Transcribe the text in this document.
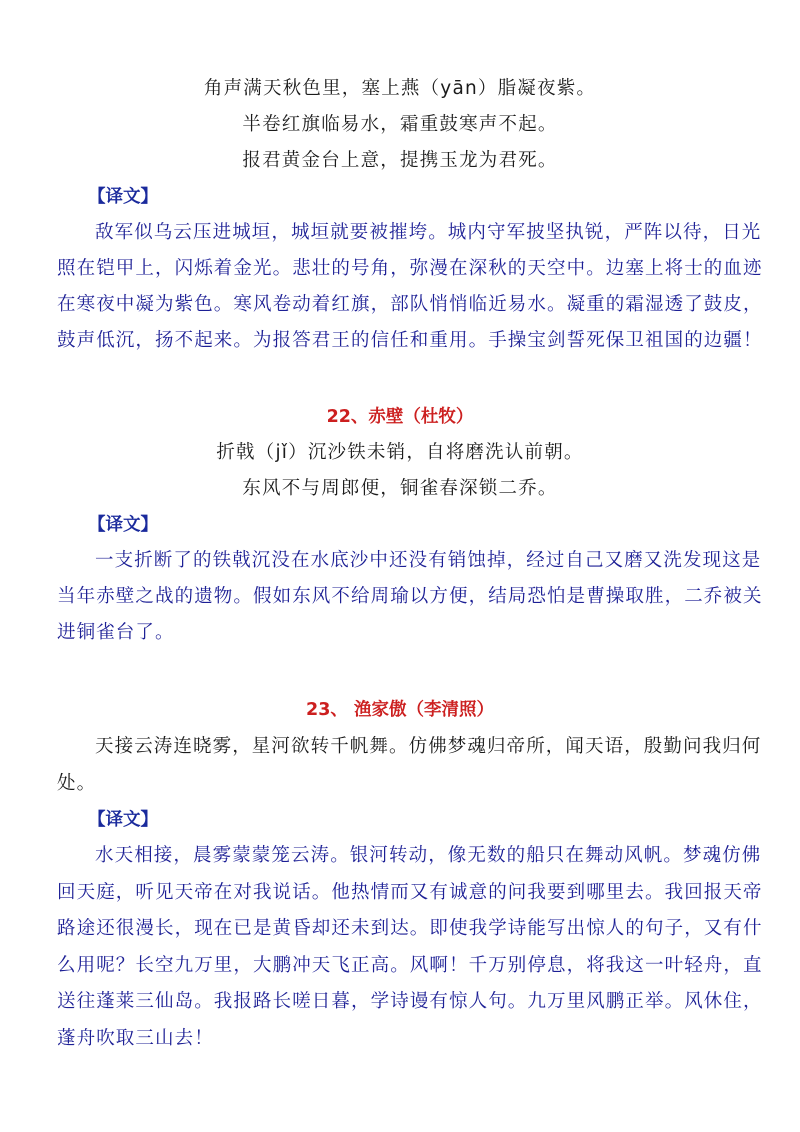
角声满天秋色里，塞上燕（yān）脂凝夜紫。
半卷红旗临易水，霜重鼓寒声不起。
报君黄金台上意，提携玉龙为君死。
【译文】
敌军似乌云压进城垣，城垣就要被摧垮。城内守军披坚执锐，严阵以待，日光
照在铠甲上，闪烁着金光。悲壮的号角，弥漫在深秋的天空中。边塞上将士的血迹
在寒夜中凝为紫色。寒风卷动着红旗，部队悄悄临近易水。凝重的霜湿透了鼓皮，
鼓声低沉，扬不起来。为报答君王的信任和重用。手操宝剑誓死保卫祖国的边疆！
22、赤壁（杜牧）
折戟（jǐ）沉沙铁未销，自将磨洗认前朝。
东风不与周郎便，铜雀春深锁二乔。
【译文】
一支折断了的铁戟沉没在水底沙中还没有销蚀掉，经过自己又磨又洗发现这是
当年赤壁之战的遗物。假如东风不给周瑜以方便，结局恐怕是曹操取胜，二乔被关
进铜雀台了。
23、 渔家傲（李清照）
天接云涛连晓雾，星河欲转千帆舞。仿佛梦魂归帝所，闻天语，殷勤问我归何
处。
【译文】
水天相接，晨雾蒙蒙笼云涛。银河转动，像无数的船只在舞动风帆。梦魂仿佛
回天庭，听见天帝在对我说话。他热情而又有诚意的问我要到哪里去。我回报天帝
路途还很漫长，现在已是黄昏却还未到达。即使我学诗能写出惊人的句子，又有什
么用呢？长空九万里，大鹏冲天飞正高。风啊！千万别停息，将我这一叶轻舟，直
送往蓬莱三仙岛。我报路长嗟日暮，学诗谩有惊人句。九万里风鹏正举。风休住，
蓬舟吹取三山去！
